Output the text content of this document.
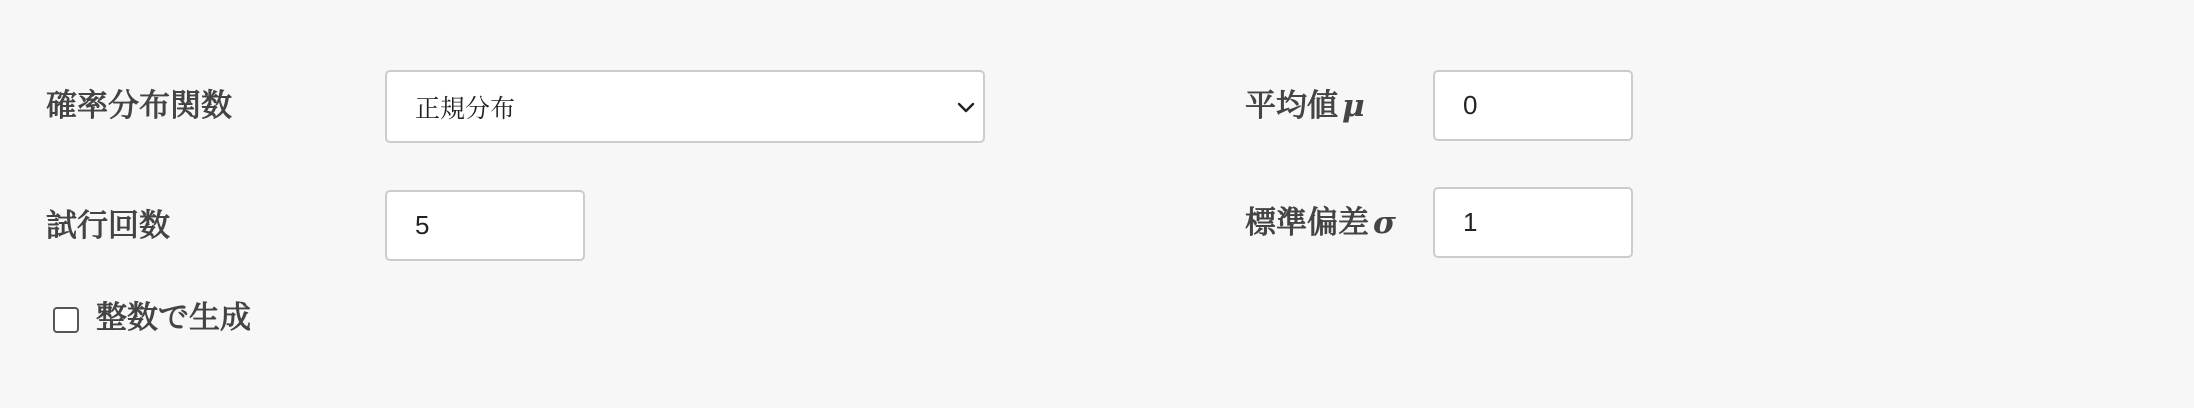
確率分布関数	正規分布
試行回数
5
平均値 μ
0
標準偏差 σ
1
整数で生成
